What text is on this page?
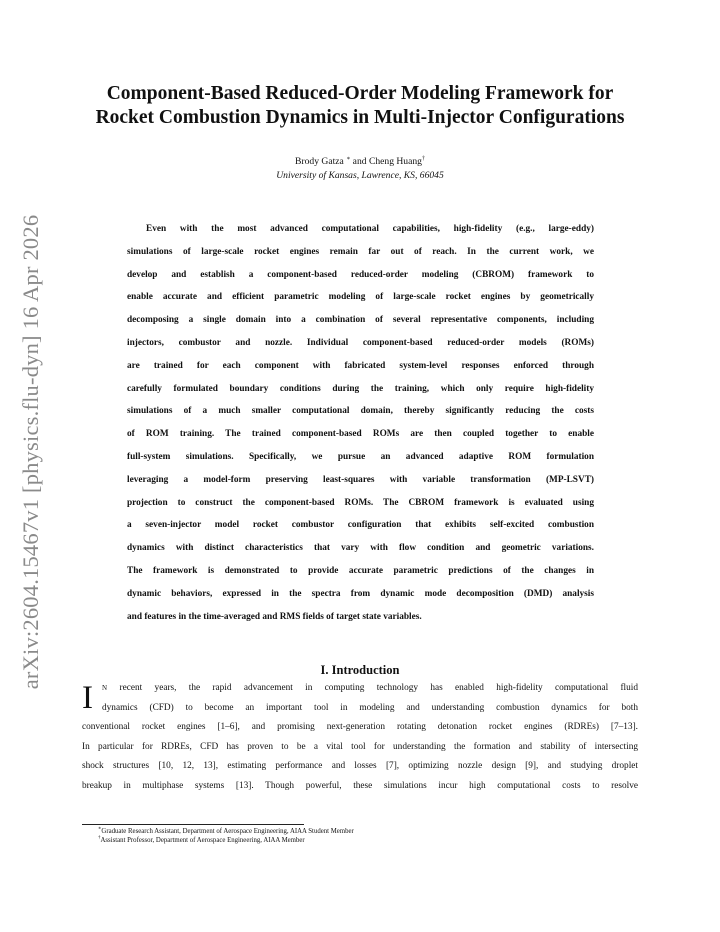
arXiv:2604.15467v1 [physics.flu-dyn] 16 Apr 2026
Component-Based Reduced-Order Modeling Framework for
Rocket Combustion Dynamics in Multi-Injector Configurations
Brody Gatza ∗ and Cheng Huang†
University of Kansas, Lawrence, KS, 66045
Even with the most advanced computational capabilities, high-fidelity (e.g., large-eddy)
simulations of large-scale rocket engines remain far out of reach. In the current work, we
develop and establish a component-based reduced-order modeling (CBROM) framework to
enable accurate and efficient parametric modeling of large-scale rocket engines by geometrically
decomposing a single domain into a combination of several representative components, including
injectors, combustor and nozzle. Individual component-based reduced-order models (ROMs)
are trained for each component with fabricated system-level responses enforced through
carefully formulated boundary conditions during the training, which only require high-fidelity
simulations of a much smaller computational domain, thereby significantly reducing the costs
of ROM training. The trained component-based ROMs are then coupled together to enable
full-system simulations. Specifically, we pursue an advanced adaptive ROM formulation
leveraging a model-form preserving least-squares with variable transformation (MP-LSVT)
projection to construct the component-based ROMs. The CBROM framework is evaluated using
a seven-injector model rocket combustor configuration that exhibits self-excited combustion
dynamics with distinct characteristics that vary with flow condition and geometric variations.
The framework is demonstrated to provide accurate parametric predictions of the changes in
dynamic behaviors, expressed in the spectra from dynamic mode decomposition (DMD) analysis
and features in the time-averaged and RMS fields of target state variables.
I. Introduction
I	N recent years, the rapid advancement in computing technology has enabled high-fidelity computational fluid
dynamics (CFD) to become an important tool in modeling and understanding combustion dynamics for both
conventional rocket engines [1–6], and promising next-generation rotating detonation rocket engines (RDREs) [7–13].
In particular for RDREs, CFD has proven to be a vital tool for understanding the formation and stability of intersecting
shock structures [10, 12, 13], estimating performance and losses [7], optimizing nozzle design [9], and studying droplet
breakup in multiphase systems [13]. Though powerful, these simulations incur high computational costs to resolve
∗Graduate Research Assistant, Department of Aerospace Engineering, AIAA Student Member
†Assistant Professor, Department of Aerospace Engineering, AIAA Member
